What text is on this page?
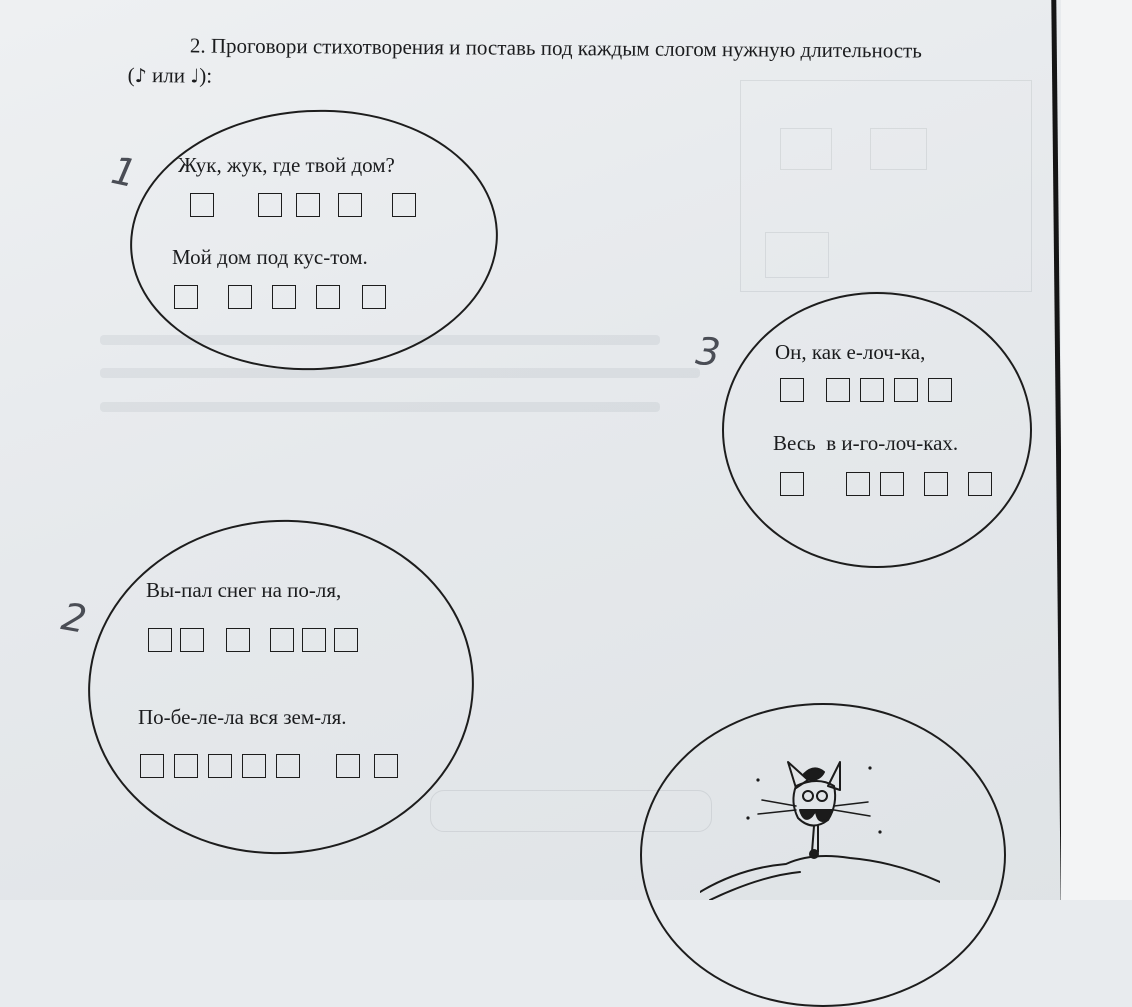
2. Проговори стихотворения и поставь под каждым слогом нужную длительность
(♪ или ♩):
1 Жук, жук, где твой дом?
Мой дом под кус-том.
3	Он, как е-лоч-ка,
Весь  в и-го-лоч-ках.
2
Вы-пал снег на по-ля,
По-бе-ле-ла вся зем-ля.
